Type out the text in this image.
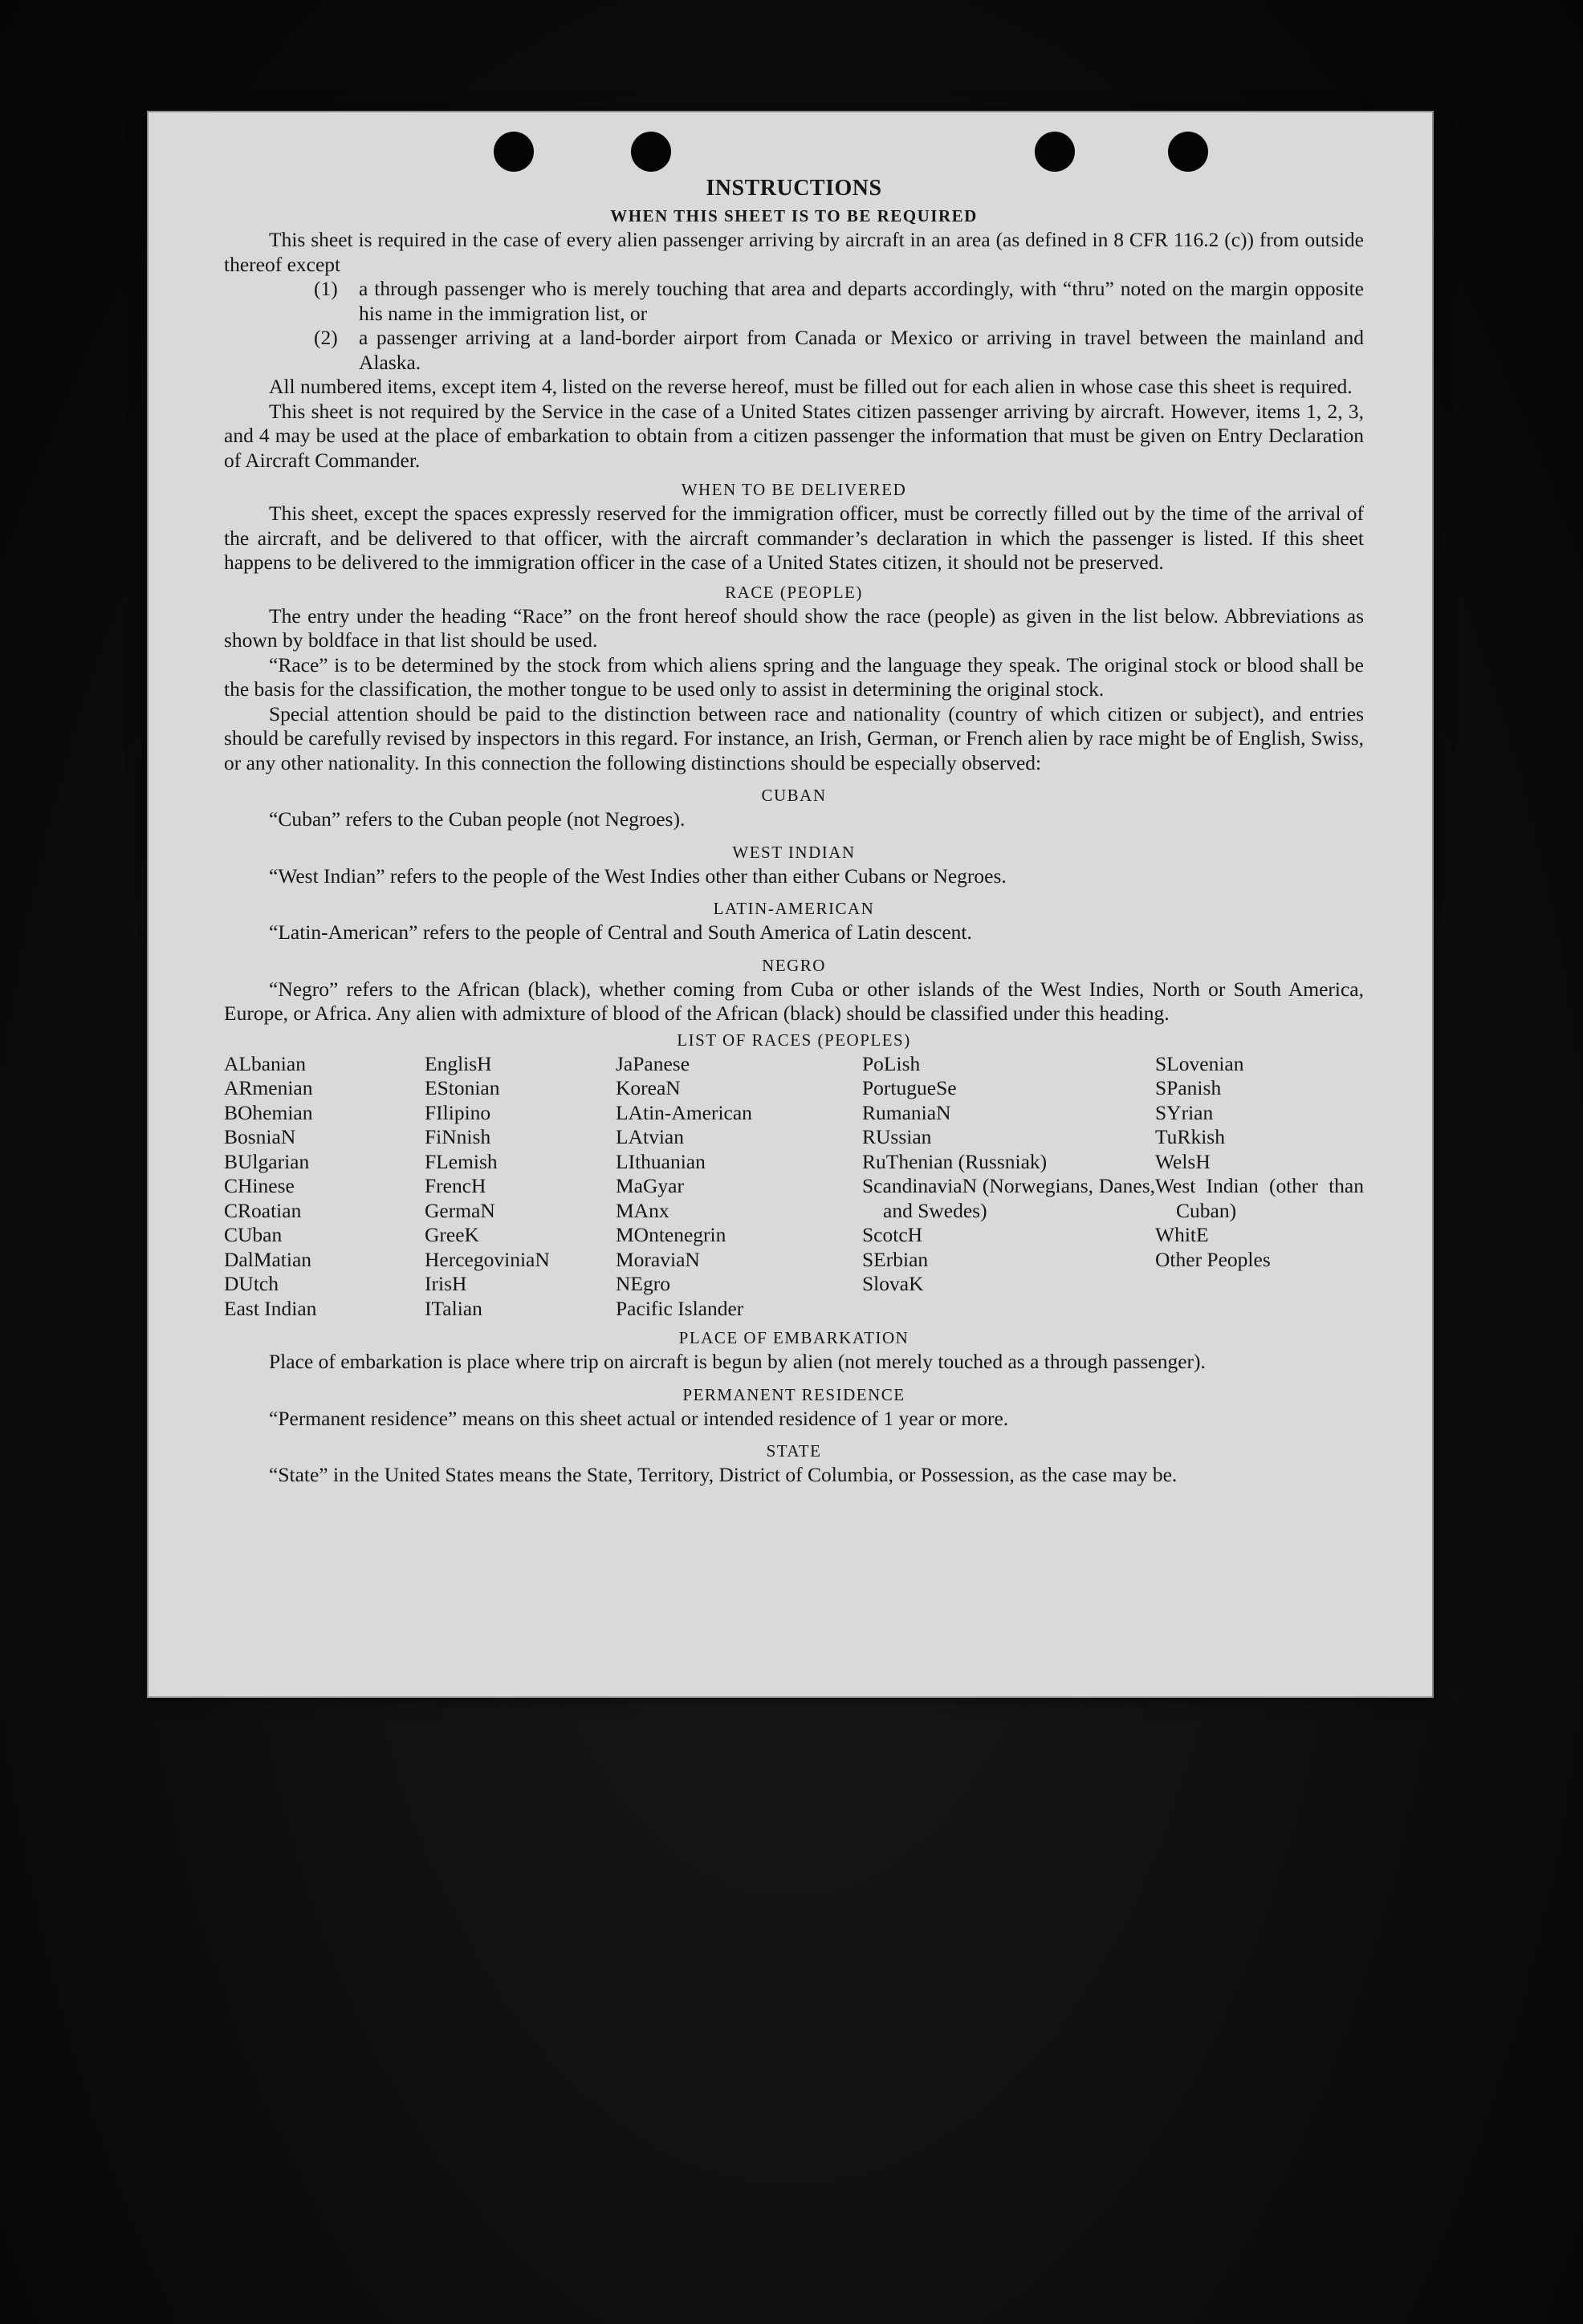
INSTRUCTIONS
WHEN THIS SHEET IS TO BE REQUIRED

This sheet is required in the case of every alien passenger arriving by aircraft in an area (as defined in 8 CFR 116.2 (c)) from outside thereof except

(1)	a through passenger who is merely touching that area and departs accordingly, with “thru” noted on the margin opposite his name in the immigration list, or
(2)	a passenger arriving at a land-border airport from Canada or Mexico or arriving in travel between the mainland and Alaska.

All numbered items, except item 4, listed on the reverse hereof, must be filled out for each alien in whose case this sheet is required.

This sheet is not required by the Service in the case of a United States citizen passenger arriving by aircraft. However, items 1, 2, 3, and 4 may be used at the place of embarkation to obtain from a citizen passenger the information that must be given on Entry Declaration of Aircraft Commander.

WHEN TO BE DELIVERED

This sheet, except the spaces expressly reserved for the immigration officer, must be correctly filled out by the time of the arrival of the aircraft, and be delivered to that officer, with the aircraft commander’s declaration in which the passenger is listed. If this sheet happens to be delivered to the immigration officer in the case of a United States citizen, it should not be preserved.

RACE (PEOPLE)

The entry under the heading “Race” on the front hereof should show the race (people) as given in the list below. Abbreviations as shown by boldface in that list should be used.

“Race” is to be determined by the stock from which aliens spring and the language they speak. The original stock or blood shall be the basis for the classification, the mother tongue to be used only to assist in determining the original stock.

Special attention should be paid to the distinction between race and nationality (country of which citizen or subject), and entries should be carefully revised by inspectors in this regard. For instance, an Irish, German, or French alien by race might be of English, Swiss, or any other nationality. In this connection the following distinctions should be especially observed:

CUBAN

“Cuban” refers to the Cuban people (not Negroes).

WEST INDIAN

“West Indian” refers to the people of the West Indies other than either Cubans or Negroes.

LATIN-AMERICAN

“Latin-American” refers to the people of Central and South America of Latin descent.

NEGRO

“Negro” refers to the African (black), whether coming from Cuba or other islands of the West Indies, North or South America, Europe, or Africa. Any alien with admixture of blood of the African (black) should be classified under this heading.

LIST OF RACES (PEOPLES)
ALbanian
ARmenian
BOhemian
BosniaN
BUlgarian
CHinese
CRoatian
CUban
DalMatian
DUtch
East Indian
EnglisH
EStonian
FIlipino
FiNnish
FLemish
FrencH
GermaN
GreeK
HercegoviniaN
IrisH
ITalian
JaPanese
KoreaN
LAtin-American
LAtvian
LIthuanian
MaGyar
MAnx
MOntenegrin
MoraviaN
NEgro
Pacific Islander
PoLish
PortugueSe
RumaniaN
RUssian
RuThenian (Russniak)
ScandinaviaN (Norwegians, Danes, and Swedes)
ScotcH
SErbian
SlovaK
SLovenian
SPanish
SYrian
TuRkish
WelsH
West Indian (other than Cuban)
WhitE
Other Peoples
PLACE OF EMBARKATION

Place of embarkation is place where trip on aircraft is begun by alien (not merely touched as a through passenger).

PERMANENT RESIDENCE

“Permanent residence” means on this sheet actual or intended residence of 1 year or more.

STATE

“State” in the United States means the State, Territory, District of Columbia, or Possession, as the case may be.
